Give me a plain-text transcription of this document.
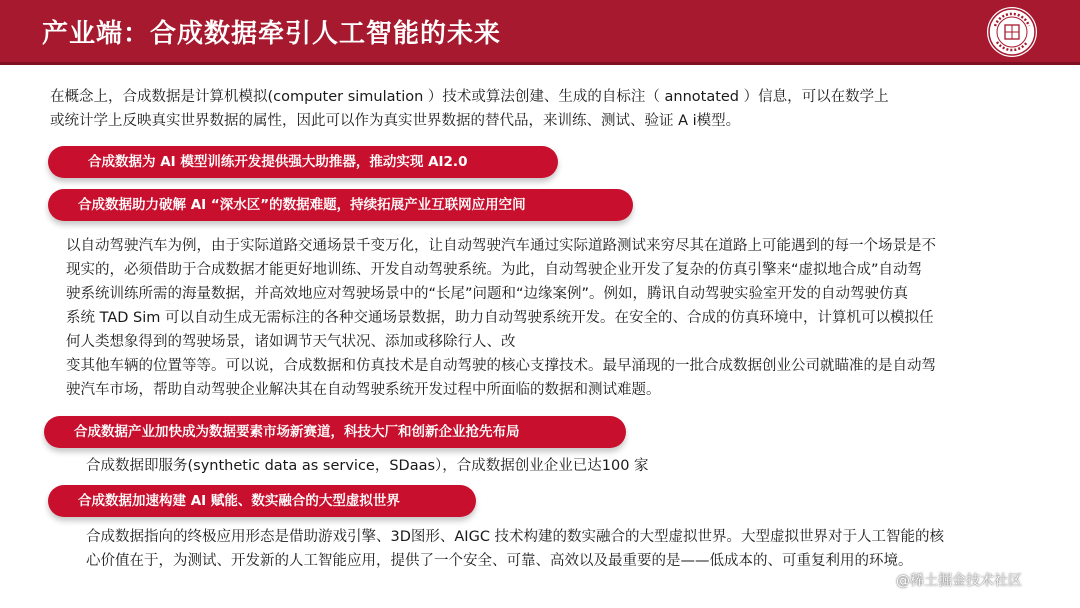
产业端：合成数据牵引人工智能的未来
在概念上，合成数据是计算机模拟(computer simulation ）技术或算法创建、生成的自标注（ annotated ）信息，可以在数学上
或统计学上反映真实世界数据的属性，因此可以作为真实世界数据的替代品，来训练、测试、验证 A i模型。
合成数据为 AI 模型训练开发提供强大助推器，推动实现 AI2.0
合成数据助力破解 AI “深水区”的数据难题，持续拓展产业互联网应用空间
以自动驾驶汽车为例，由于实际道路交通场景千变万化，让自动驾驶汽车通过实际道路测试来穷尽其在道路上可能遇到的每一个场景是不
现实的，必须借助于合成数据才能更好地训练、开发自动驾驶系统。为此，自动驾驶企业开发了复杂的仿真引擎来“虚拟地合成”自动驾
驶系统训练所需的海量数据，并高效地应对驾驶场景中的“长尾”问题和“边缘案例”。例如，腾讯自动驾驶实验室开发的自动驾驶仿真
系统 TAD Sim 可以自动生成无需标注的各种交通场景数据，助力自动驾驶系统开发。在安全的、合成的仿真环境中，计算机可以模拟任
何人类想象得到的驾驶场景，诸如调节天气状况、添加或移除行人、改
变其他车辆的位置等等。可以说，合成数据和仿真技术是自动驾驶的核心支撑技术。最早涌现的一批合成数据创业公司就瞄准的是自动驾
驶汽车市场，帮助自动驾驶企业解决其在自动驾驶系统开发过程中所面临的数据和测试难题。
合成数据产业加快成为数据要素市场新赛道，科技大厂和创新企业抢先布局
合成数据即服务(synthetic data as service，SDaas），合成数据创业企业已达100 家
合成数据加速构建 AI 赋能、数实融合的大型虚拟世界
合成数据指向的终极应用形态是借助游戏引擎、3D图形、AIGC 技术构建的数实融合的大型虚拟世界。大型虚拟世界对于人工智能的核
心价值在于，为测试、开发新的人工智能应用，提供了一个安全、可靠、高效以及最重要的是——低成本的、可重复利用的环境。
@稀土掘金技术社区
